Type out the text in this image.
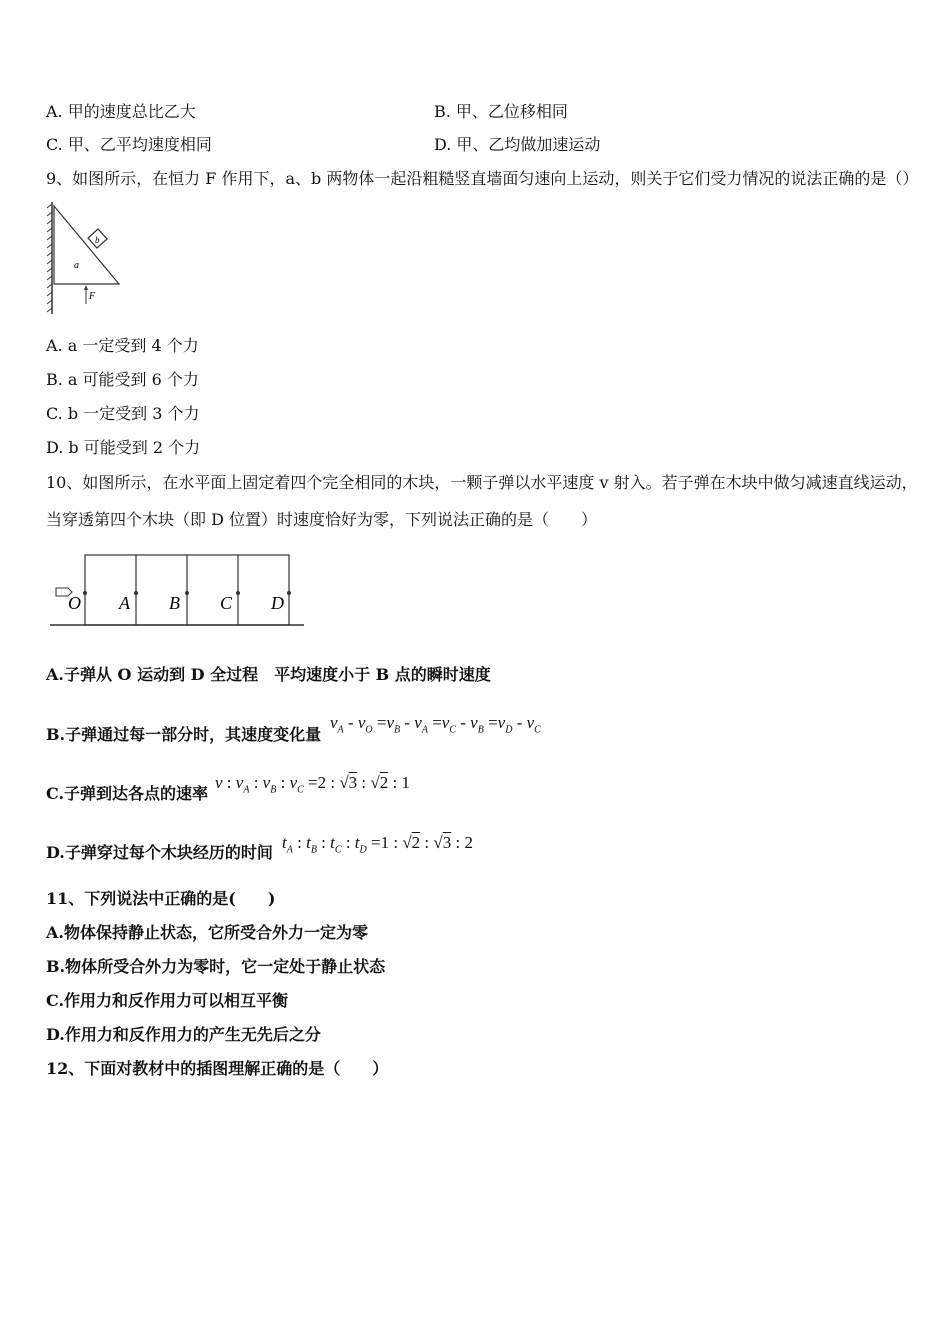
A. 甲的速度总比乙大	B. 甲、乙位移相同
C. 甲、乙平均速度相同	D. 甲、乙均做加速运动
9、如图所示，在恒力 F 作用下，a、b 两物体一起沿粗糙竖直墙面匀速向上运动，则关于它们受力情况的说法正确的是（）
b
a
F
A. a 一定受到 4 个力
B. a 可能受到 6 个力
C. b 一定受到 3 个力
D. b 可能受到 2 个力
10、如图所示，在水平面上固定着四个完全相同的木块，一颗子弹以水平速度 v 射入。若子弹在木块中做匀减速直线运动，
当穿透第四个木块（即 D 位置）时速度恰好为零，下列说法正确的是（　　）
O A B C D
A.子弹从 O 运动到 D 全过程　平均速度小于 B 点的瞬时速度
B.子弹通过每一部分时，其速度变化量
$v_A - v_O =v_B - v_A =v_C - v_B =v_D - v_C$
C.子弹到达各点的速率
v : $v_A$ : $v_B$ : $v_C =2$ : √3 : √2 : 1
D.子弹穿过每个木块经历的时间
$t_A$ : $t_B$ : $t_C$ : $t_D =1$ : √2 : √3 : 2
11、下列说法中正确的是(　　)
A.物体保持静止状态，它所受合外力一定为零
B.物体所受合外力为零时，它一定处于静止状态
C.作用力和反作用力可以相互平衡
D.作用力和反作用力的产生无先后之分
12、下面对教材中的插图理解正确的是（　　）
